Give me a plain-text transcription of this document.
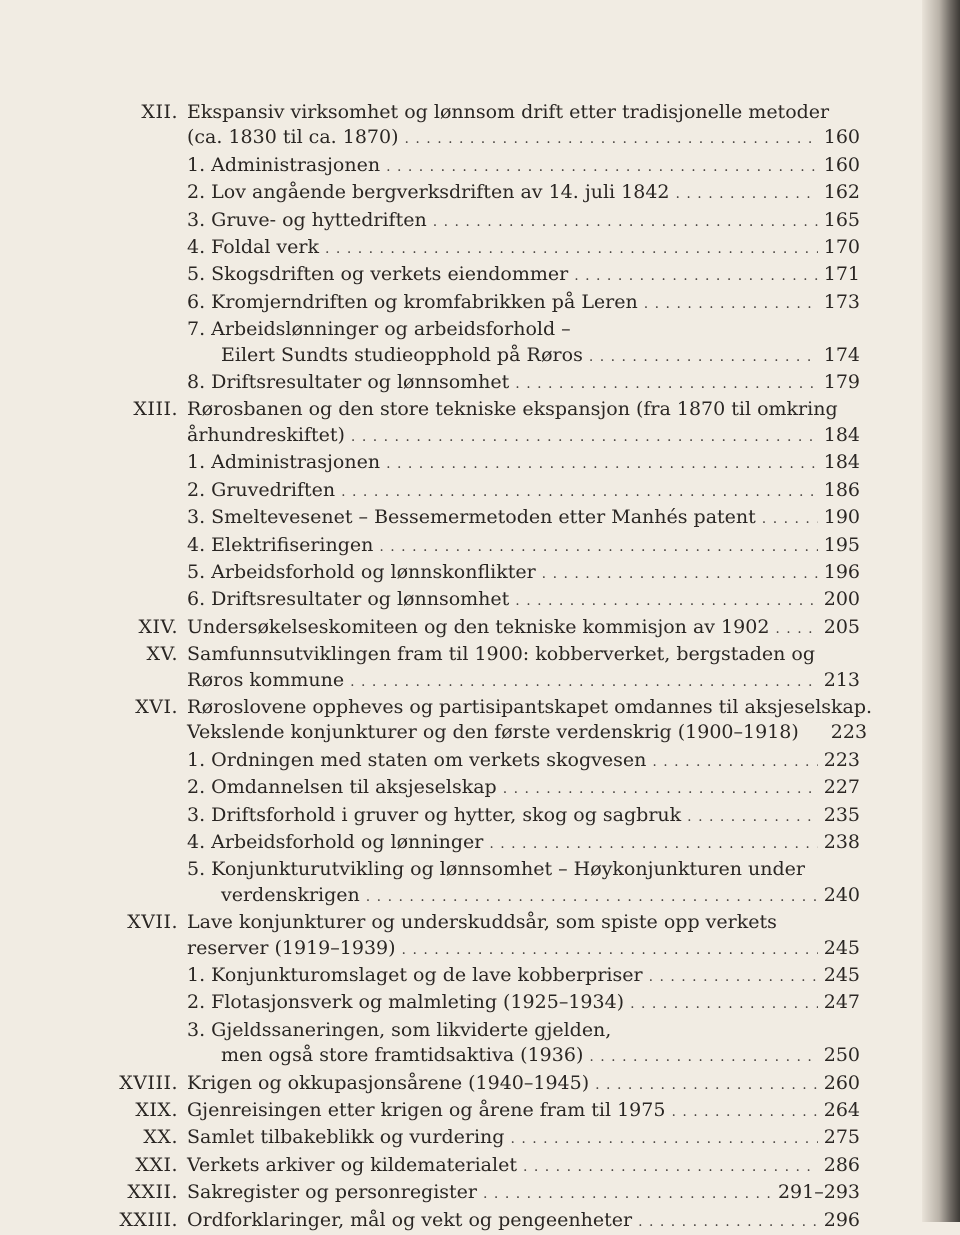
XII. Ekspansiv virksomhet og lønnsom drift etter tradisjonelle metoder
(ca. 1830 til ca. 1870) . . .	160
1. Administrasjonen . . .	160
2. Lov angående bergverksdriften av 14. juli 1842 . . .	162
3. Gruve- og hyttedriften . . .	165
4. Foldal verk . . .	170
5. Skogsdriften og verkets eiendommer . . .	171
6. Kromjerndriften og kromfabrikken på Leren . . .	173
7. Arbeidslønninger og arbeidsforhold –
Eilert Sundts studieopphold på Røros . . .	174
8. Driftsresultater og lønnsomhet . . .	179
XIII. Rørosbanen og den store tekniske ekspansjon (fra 1870 til omkring
århundreskiftet) . . .	184
1. Administrasjonen . . .	184
2. Gruvedriften . . .	186
3. Smeltevesenet – Bessemermetoden etter Manhés patent . . .	190
4. Elektrifiseringen . . .	195
5. Arbeidsforhold og lønnskonflikter . . .	196
6. Driftsresultater og lønnsomhet . . .	200
XIV. Undersøkelseskomiteen og den tekniske kommisjon av 1902 . . .	205
XV. Samfunnsutviklingen fram til 1900: kobberverket, bergstaden og
Røros kommune . . .	213
XVI. Røroslovene oppheves og partisipantskapet omdannes til aksjeselskap.
Vekslende konjunkturer og den første verdenskrig (1900–1918) 223
1. Ordningen med staten om verkets skogvesen . . .	223
2. Omdannelsen til aksjeselskap . . .	227
3. Driftsforhold i gruver og hytter, skog og sagbruk . . .	235
4. Arbeidsforhold og lønninger . . .	238
5. Konjunkturutvikling og lønnsomhet – Høykonjunkturen under
verdenskrigen . . .	240
XVII. Lave konjunkturer og underskuddsår, som spiste opp verkets
reserver (1919–1939) . . .	245
1. Konjunkturomslaget og de lave kobberpriser . . .	245
2. Flotasjonsverk og malmleting (1925–1934) . . .	247
3. Gjeldssaneringen, som likviderte gjelden,
men også store framtidsaktiva (1936) . . .	250
XVIII. Krigen og okkupasjonsårene (1940–1945) . . .	260
XIX. Gjenreisingen etter krigen og årene fram til 1975 . . .	264
XX. Samlet tilbakeblikk og vurdering . . .	275
XXI. Verkets arkiver og kildematerialet . . .	286
XXII. Sakregister og personregister . . .	291–293
XXIII. Ordforklaringer, mål og vekt og pengeenheter . . .	296
